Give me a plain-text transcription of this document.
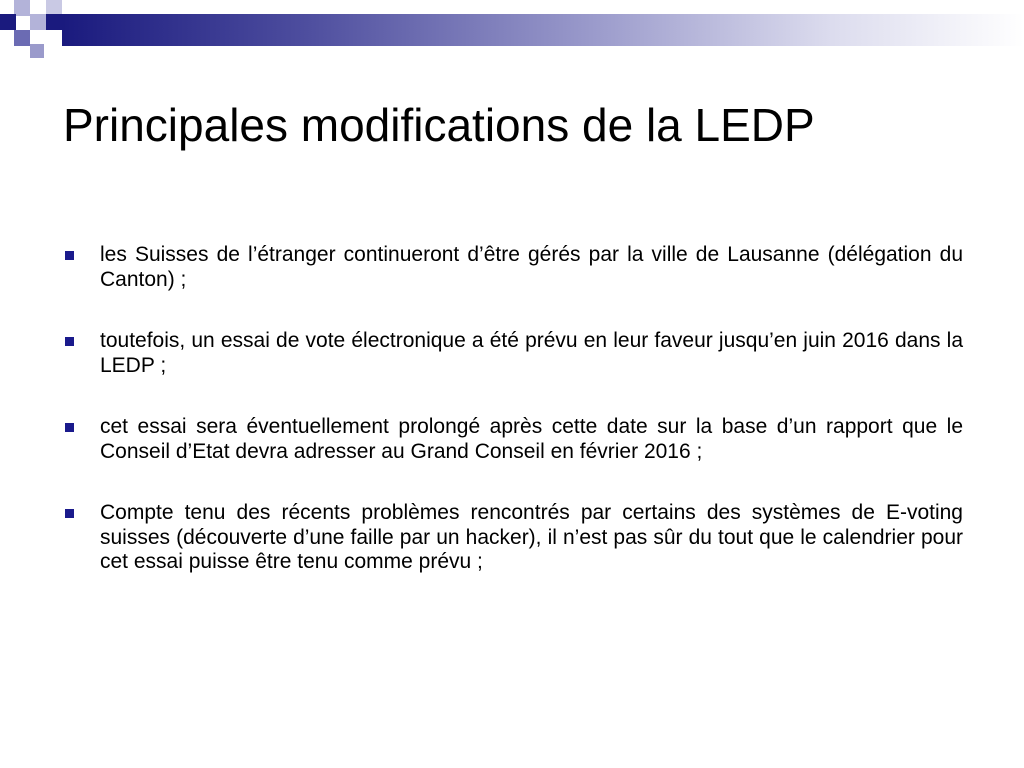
Principales modifications de la LEDP
les Suisses de l’étranger continueront d’être gérés par la ville de Lausanne (délégation du Canton) ;
toutefois, un essai de vote électronique a été prévu en leur faveur jusqu’en juin 2016 dans la LEDP ;
cet essai sera éventuellement prolongé après cette date sur la base d’un rapport que le Conseil d’Etat devra adresser au Grand Conseil en février 2016 ;
Compte tenu des récents problèmes rencontrés par certains des systèmes de E-voting suisses (découverte d’une faille par un hacker), il n’est pas sûr du tout que le calendrier pour cet essai puisse être tenu comme prévu ;
